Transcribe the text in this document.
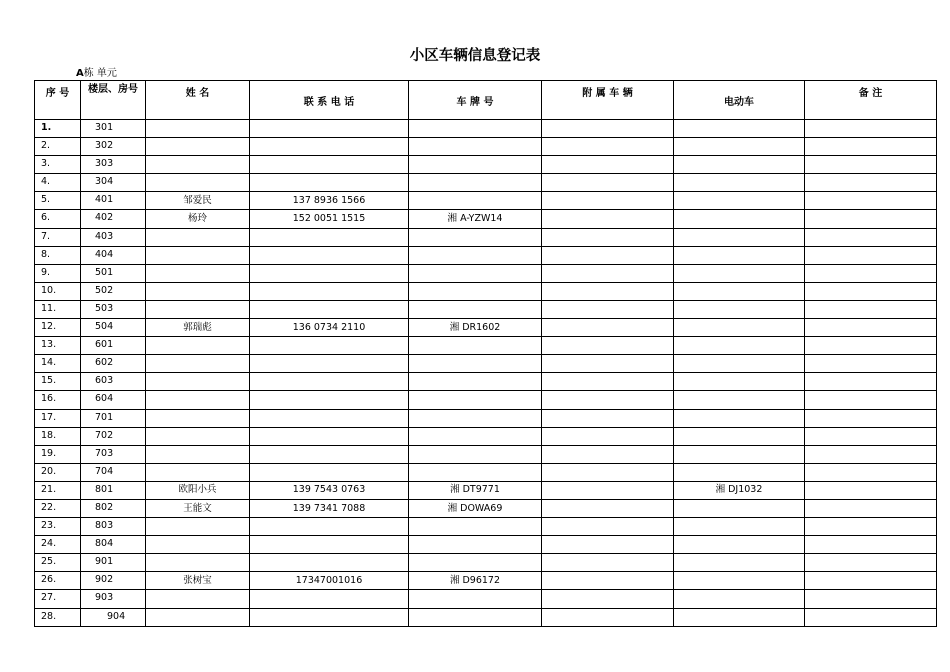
小区车辆信息登记表
A栋 单元
序 号	楼层、房号	姓 名	联 系 电 话	车 牌 号	附 属 车 辆	电动车	备 注
1.	301						
2.	302						
3.	303						
4.	304						
5.	401	邹爱民	137 8936 1566				
6.	402	杨玲	152 0051 1515	湘 A-YZW14			
7.	403						
8.	404						
9.	501						
10.	502						
11.	503						
12.	504	郭瑞彪	136 0734 2110	湘 DR1602			
13.	601						
14.	602						
15.	603						
16.	604						
17.	701						
18.	702						
19.	703						
20.	704						
21.	801	欧阳小兵	139 7543 0763	湘 DT9771		湘 DJ1032	
22.	802	王能文	139 7341 7088	湘 DOWA69			
23.	803						
24.	804						
25.	901						
26.	902	张树宝	17347001016	湘 D96172			
27.	903						
28.	904						
